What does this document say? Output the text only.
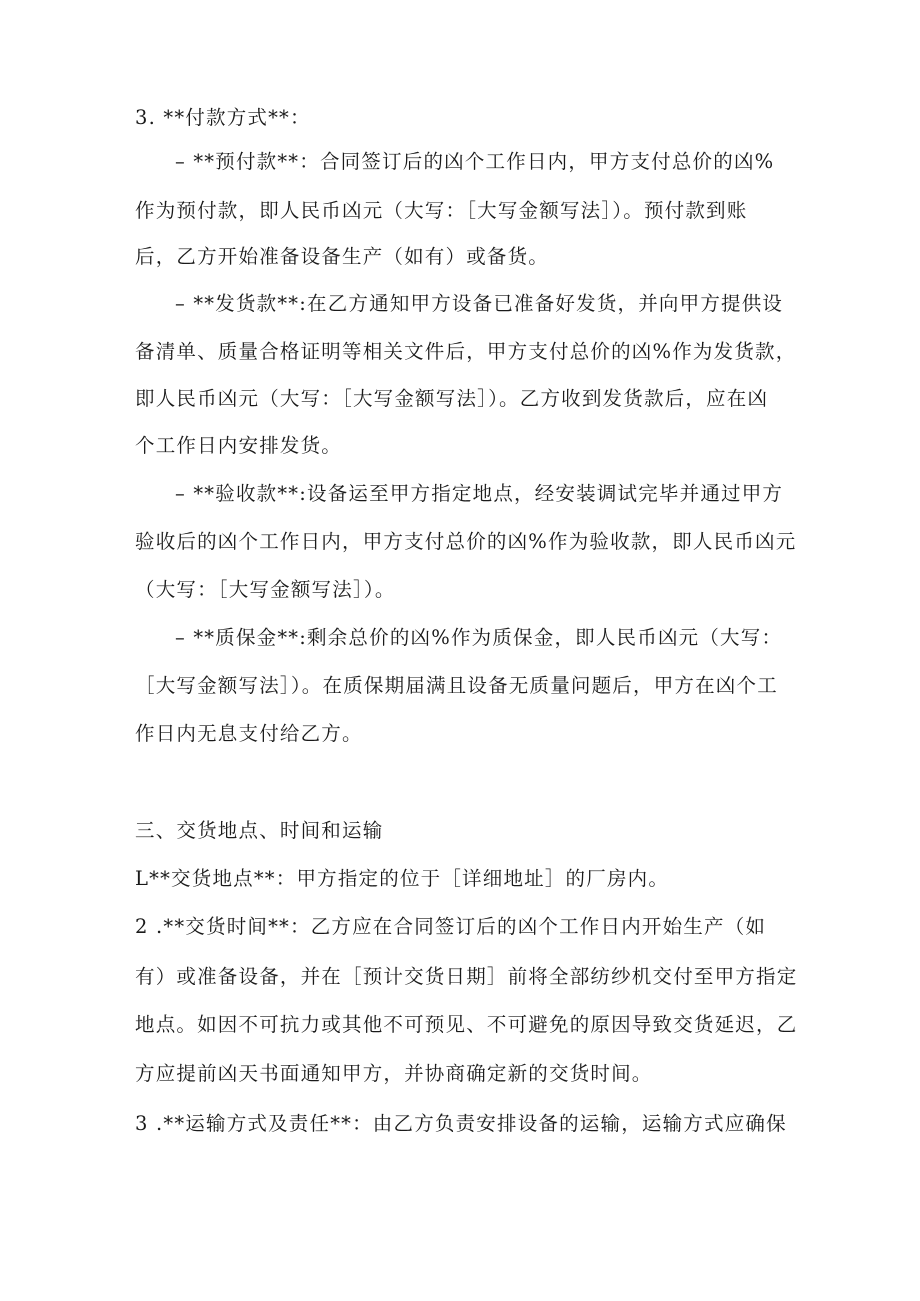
3. **付款方式**：
– **预付款**：合同签订后的凶个工作日内，甲方支付总价的凶%
作为预付款，即人民币凶元（大写：［大写金额写法］）。预付款到账
后，乙方开始准备设备生产（如有）或备货。
– **发货款**:在乙方通知甲方设备已准备好发货，并向甲方提供设
备清单、质量合格证明等相关文件后，甲方支付总价的凶%作为发货款，
即人民币凶元（大写：［大写金额写法］）。乙方收到发货款后，应在凶
个工作日内安排发货。
– **验收款**:设备运至甲方指定地点，经安装调试完毕并通过甲方
验收后的凶个工作日内，甲方支付总价的凶%作为验收款，即人民币凶元
（大写：［大写金额写法］）。
– **质保金**:剩余总价的凶%作为质保金，即人民币凶元（大写：
［大写金额写法］）。在质保期届满且设备无质量问题后，甲方在凶个工
作日内无息支付给乙方。
三、交货地点、时间和运输
L**交货地点**：甲方指定的位于［详细地址］的厂房内。
2 .**交货时间**：乙方应在合同签订后的凶个工作日内开始生产（如
有）或准备设备，并在［预计交货日期］前将全部纺纱机交付至甲方指定
地点。如因不可抗力或其他不可预见、不可避免的原因导致交货延迟，乙
方应提前凶天书面通知甲方，并协商确定新的交货时间。
3 .**运输方式及责任**：由乙方负责安排设备的运输，运输方式应确保
